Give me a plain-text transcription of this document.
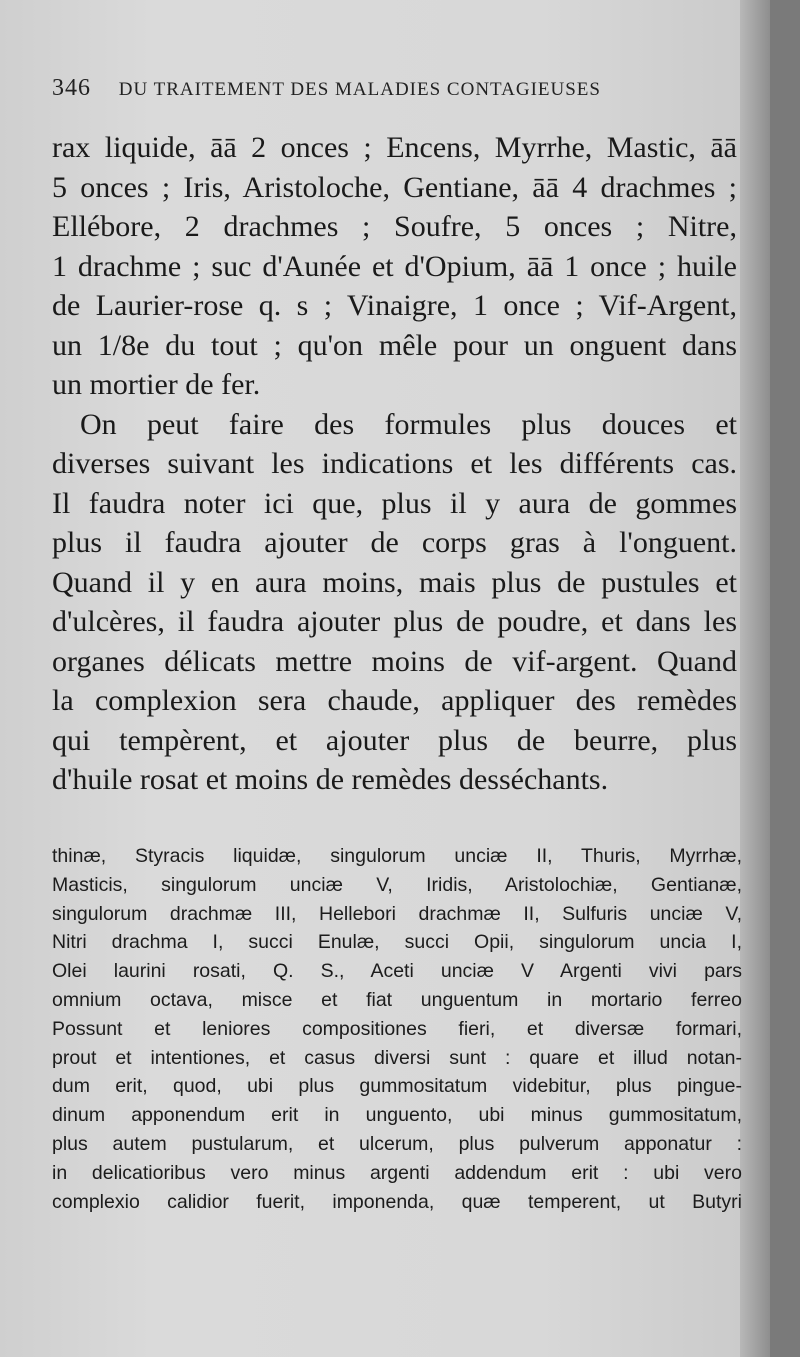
346 DU TRAITEMENT DES MALADIES CONTAGIEUSES
rax liquide, āā 2 onces ; Encens, Myrrhe, Mastic, āā
5 onces ; Iris, Aristoloche, Gentiane, āā 4 drachmes ;
Ellébore, 2 drachmes ; Soufre, 5 onces ; Nitre,
1 drachme ; suc d'Aunée et d'Opium, āā 1 once ; huile
de Laurier-rose q. s ; Vinaigre, 1 once ; Vif-Argent,
un 1/8e du tout ; qu'on mêle pour un onguent dans
un mortier de fer.
On peut faire des formules plus douces et
diverses suivant les indications et les différents cas.
Il faudra noter ici que, plus il y aura de gommes
plus il faudra ajouter de corps gras à l'onguent.
Quand il y en aura moins, mais plus de pustules et
d'ulcères, il faudra ajouter plus de poudre, et dans les
organes délicats mettre moins de vif-argent. Quand
la complexion sera chaude, appliquer des remèdes
qui tempèrent, et ajouter plus de beurre, plus
d'huile rosat et moins de remèdes desséchants.
thinæ, Styracis liquidæ, singulorum unciæ II, Thuris, Myrrhæ,
Masticis, singulorum unciæ V, Iridis, Aristolochiæ, Gentianæ,
singulorum drachmæ III, Hellebori drachmæ II, Sulfuris unciæ V,
Nitri drachma I, succi Enulæ, succi Opii, singulorum uncia I,
Olei laurini rosati, Q. S., Aceti unciæ V Argenti vivi pars
omnium octava, misce et fiat unguentum in mortario ferreo
Possunt et leniores compositiones fieri, et diversæ formari,
prout et intentiones, et casus diversi sunt : quare et illud notan-
dum erit, quod, ubi plus gummositatum videbitur, plus pingue-
dinum apponendum erit in unguento, ubi minus gummositatum,
plus autem pustularum, et ulcerum, plus pulverum apponatur :
in delicatioribus vero minus argenti addendum erit : ubi vero
complexio calidior fuerit, imponenda, quæ temperent, ut Butyri
